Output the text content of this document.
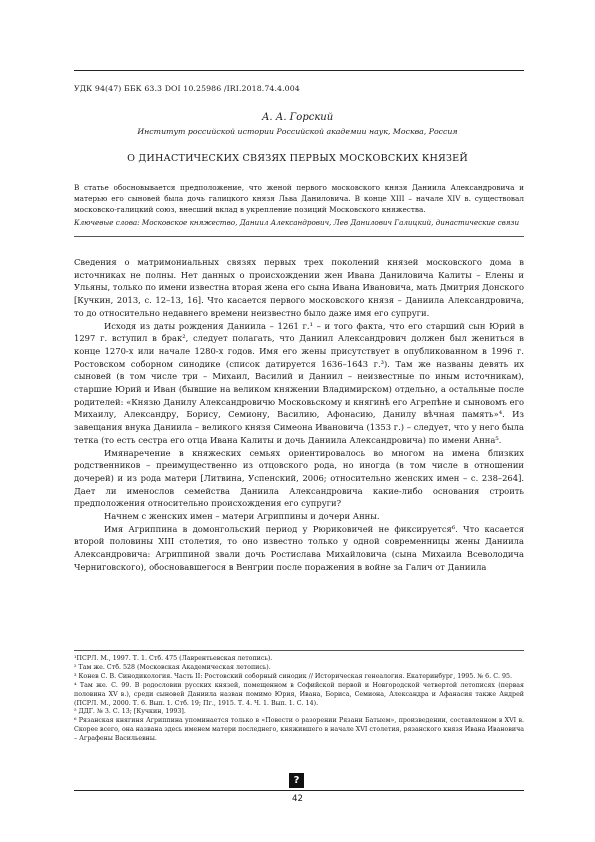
УДК 94(47) ББК 63.3 DOI 10.25986 /IRI.2018.74.4.004
А. А. Горский
Институт российской истории Российской академии наук, Москва, Россия
О ДИНАСТИЧЕСКИХ СВЯЗЯХ ПЕРВЫХ МОСКОВСКИХ КНЯЗЕЙ
В статье обосновывается предположение, что женой первого московского князя Даниила Александровича и матерью его сыновей была дочь галицкого князя Льва Даниловича. В конце XIII – начале XIV в. существовал московско-галицкий союз, внесший вклад в укрепление позиций Московского княжества.
Ключевые слова: Московское княжество, Даниил Александрович, Лев Данилович Галицкий, династические связи

Сведения о матримониальных связях первых трех поколений князей московского дома в источниках не полны. Нет данных о происхождении жен Ивана Даниловича Калиты – Елены и Ульяны, только по имени известна вторая жена его сына Ивана Ивановича, мать Дмитрия Донского [Кучкин, 2013, с. 12–13, 16]. Что касается первого московского князя – Даниила Александровича, то до относительно недавнего времени неизвестно было даже имя его супруги.

Исходя из даты рождения Даниила – 1261 г.¹ – и того факта, что его старший сын Юрий в 1297 г. вступил в брак², следует полагать, что Даниил Александрович должен был жениться в конце 1270-х или начале 1280-х годов. Имя его жены присутствует в опубликованном в 1996 г. Ростовском соборном синодике (список датируется 1636–1643 г.³). Там же названы девять их сыновей (в том числе три – Михаил, Василий и Даниил – неизвестные по иным источникам), старшие Юрий и Иван (бывшие на великом княжении Владимирском) отдельно, а остальные после родителей: «Князю Данилу Александровичю Московьскому и княгинѣ его Агрепѣне и сыновомъ его Михаилу, Александру, Борису, Семиону, Василию, Афонасию, Данилу вѣчная память»⁴. Из завещания внука Даниила – великого князя Симеона Ивановича (1353 г.) – следует, что у него была тетка (то есть сестра его отца Ивана Калиты и дочь Даниила Александровича) по имени Анна⁵.

Имянаречение в княжеских семьях ориентировалось во многом на имена близких родственников – преимущественно из отцовского рода, но иногда (в том числе в отношении дочерей) и из рода матери [Литвина, Успенский, 2006; относительно женских имен – с. 238–264]. Дает ли именослов семейства Даниила Александровича какие-либо основания строить предположения относительно происхождения его супруги?

Начнем с женских имен – матери Агриппины и дочери Анны.

Имя Агриппина в домонгольский период у Рюриковичей не фиксируется⁶. Что касается второй половины XIII столетия, то оно известно только у одной современницы жены Даниила Александровича: Агриппиной звали дочь Ростислава Михайловича (сына Михаила Всеволодича Черниговского), обосновавшегося в Венгрии после поражения в войне за Галич от Даниила

¹ПСРЛ. М., 1997. Т. 1. Стб. 475 (Лаврентьевская летопись).

² Там же. Стб. 528 (Московская Академическая летопись).

³ Конев С. В. Синодикология. Часть II: Ростовский соборный синодик // Историческая генеалогия. Екатеринбург, 1995. № 6. С. 95.

⁴ Там же. С. 99. В родословии русских князей, помещенном в Софийской первой и Новгородской четвертой летописях (первая половина XV в.), среди сыновей Даниила назван помимо Юрия, Ивана, Бориса, Семиона, Александра и Афанасия также Андрей (ПСРЛ. М., 2000. Т. 6. Вып. 1. Стб. 19; Пг., 1915. Т. 4. Ч. 1. Вып. 1. С. 14).

⁵ ДДГ. № 3. С. 13; [Кучкин, 1993].

⁶ Рязанская княгиня Агриппина упоминается только в «Повести о разорении Рязани Батыем», произведении, составленном в XVI в. Скорее всего, она названа здесь именем матери последнего, княжившего в начале XVI столетия, рязанского князя Ивана Ивановича – Аграфены Васильевны.

?
42
